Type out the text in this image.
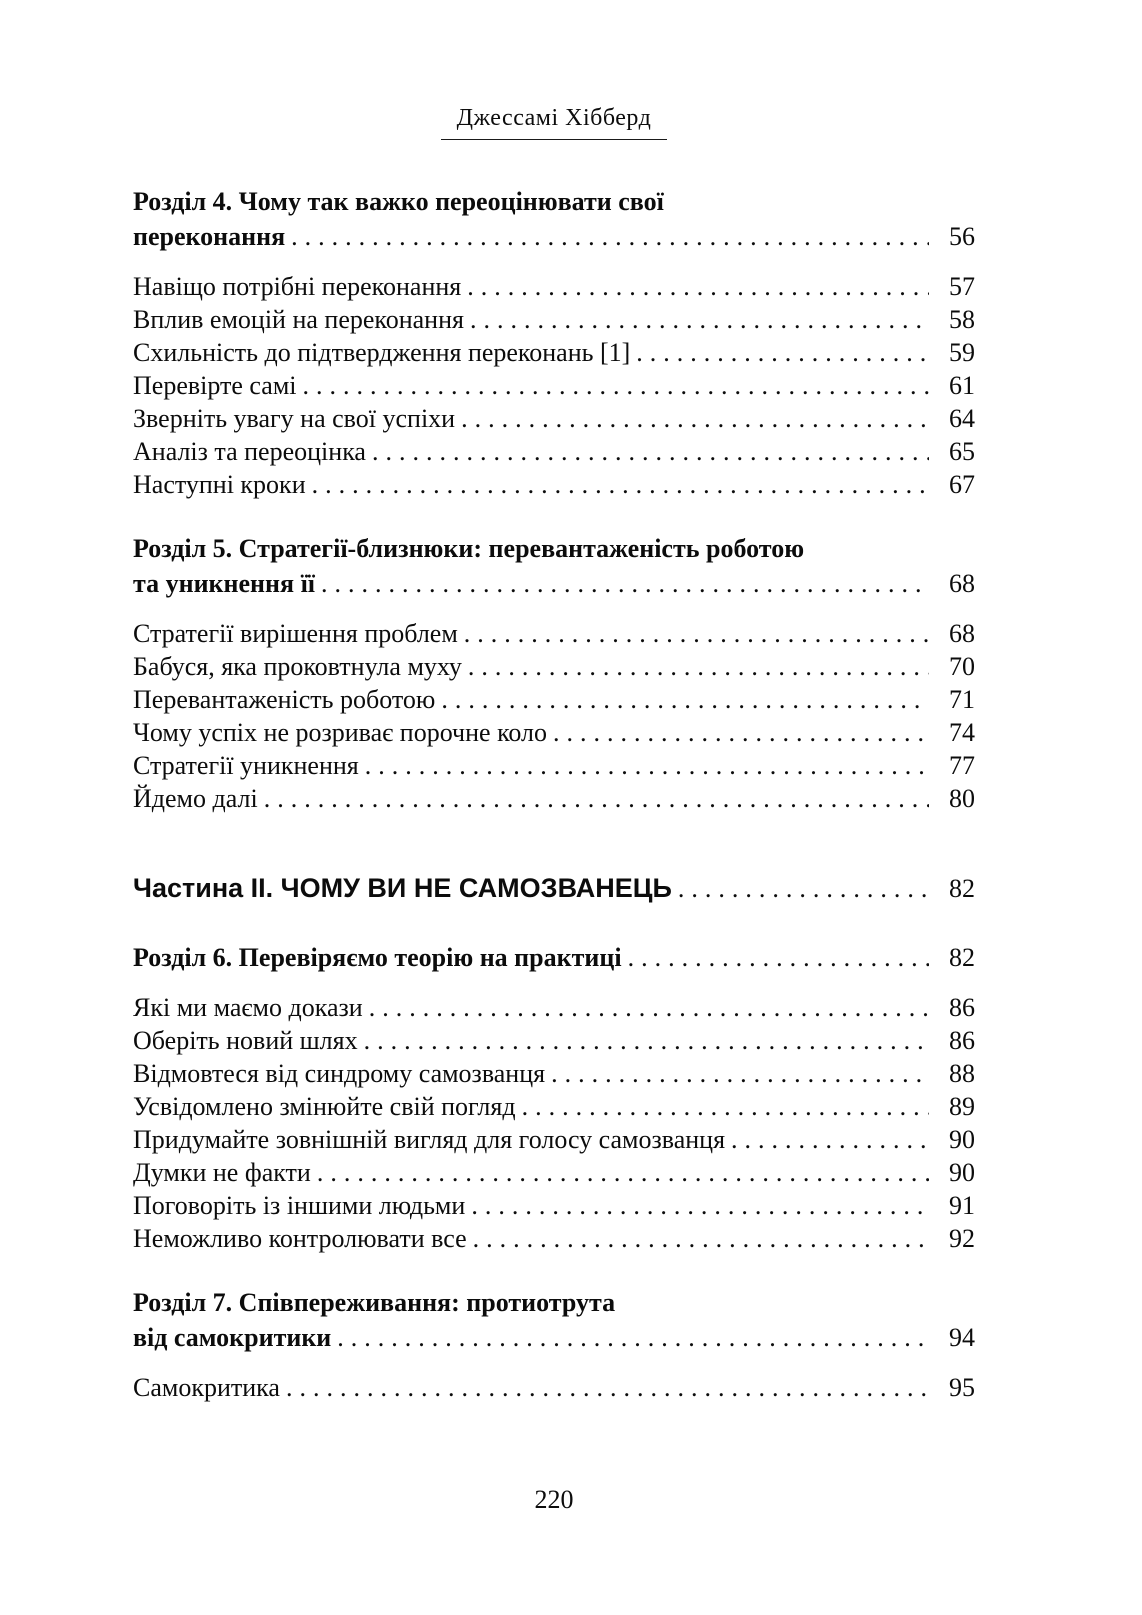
Джессамі Хібберд
Розділ 4. Чому так важко переоцінювати свої
переконання .....	56
Навіщо потрібні переконання .....	57
Вплив емоцій на переконання .....	58
Схильність до підтвердження переконань [1] .....	59
Перевірте самі .....	61
Зверніть увагу на свої успіхи .....	64
Аналіз та переоцінка .....	65
Наступні кроки .....	67
Розділ 5. Стратегії-близнюки: перевантаженість роботою
та уникнення її .....	68
Стратегії вирішення проблем .....	68
Бабуся, яка проковтнула муху .....	70
Перевантаженість роботою .....	71
Чому успіх не розриває порочне коло .....	74
Стратегії уникнення .....	77
Йдемо далі .....	80
Частина ІІ. ЧОМУ ВИ НЕ САМОЗВАНЕЦЬ .....	82
Розділ 6. Перевіряємо теорію на практиці .....	82
Які ми маємо докази .....	86
Оберіть новий шлях .....	86
Відмовтеся від синдрому самозванця .....	88
Усвідомлено змінюйте свій погляд .....	89
Придумайте зовнішній вигляд для голосу самозванця .....	90
Думки не факти .....	90
Поговоріть із іншими людьми .....	91
Неможливо контролювати все .....	92
Розділ 7. Співпереживання: протиотрута
від самокритики .....	94
Самокритика .....	95
220
